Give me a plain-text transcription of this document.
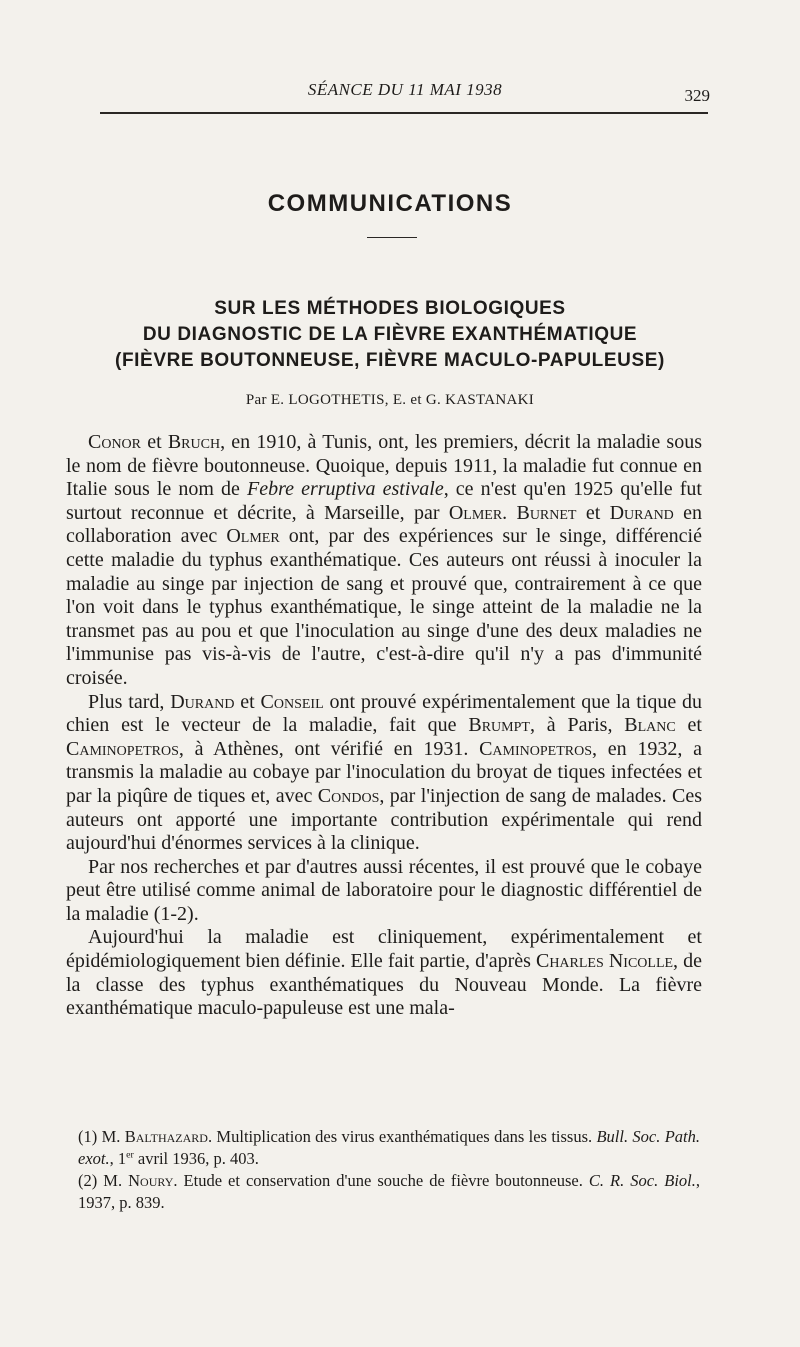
SÉANCE DU 11 MAI 1938	329
COMMUNICATIONS
SUR LES MÉTHODES BIOLOGIQUES
DU DIAGNOSTIC DE LA FIÈVRE EXANTHÉMATIQUE
(FIÈVRE BOUTONNEUSE, FIÈVRE MACULO-PAPULEUSE)
Par E. LOGOTHETIS, E. et G. KASTANAKI

Conor et Bruch, en 1910, à Tunis, ont, les premiers, décrit la maladie sous le nom de fièvre boutonneuse. Quoique, depuis 1911, la maladie fut connue en Italie sous le nom de Febre erruptiva estivale, ce n'est qu'en 1925 qu'elle fut surtout reconnue et décrite, à Marseille, par Olmer. Burnet et Durand en collaboration avec Olmer ont, par des expériences sur le singe, différencié cette maladie du typhus exanthématique. Ces auteurs ont réussi à inoculer la maladie au singe par injection de sang et prouvé que, contrairement à ce que l'on voit dans le typhus exanthématique, le singe atteint de la maladie ne la transmet pas au pou et que l'inoculation au singe d'une des deux maladies ne l'immunise pas vis-à-vis de l'autre, c'est-à-dire qu'il n'y a pas d'immunité croisée.

Plus tard, Durand et Conseil ont prouvé expérimentalement que la tique du chien est le vecteur de la maladie, fait que Brumpt, à Paris, Blanc et Caminopetros, à Athènes, ont vérifié en 1931. Caminopetros, en 1932, a transmis la maladie au cobaye par l'inoculation du broyat de tiques infectées et par la piqûre de tiques et, avec Condos, par l'injection de sang de malades. Ces auteurs ont apporté une importante contribution expérimentale qui rend aujourd'hui d'énormes services à la clinique.

Par nos recherches et par d'autres aussi récentes, il est prouvé que le cobaye peut être utilisé comme animal de laboratoire pour le diagnostic différentiel de la maladie (1-2).

Aujourd'hui la maladie est cliniquement, expérimentalement et épidémiologiquement bien définie. Elle fait partie, d'après Charles Nicolle, de la classe des typhus exanthématiques du Nouveau Monde. La fièvre exanthématique maculo-papuleuse est une mala-

(1) M. Balthazard. Multiplication des virus exanthématiques dans les tissus. Bull. Soc. Path. exot., 1er avril 1936, p. 403.

(2) M. Noury. Etude et conservation d'une souche de fièvre boutonneuse. C. R. Soc. Biol., 1937, p. 839.
